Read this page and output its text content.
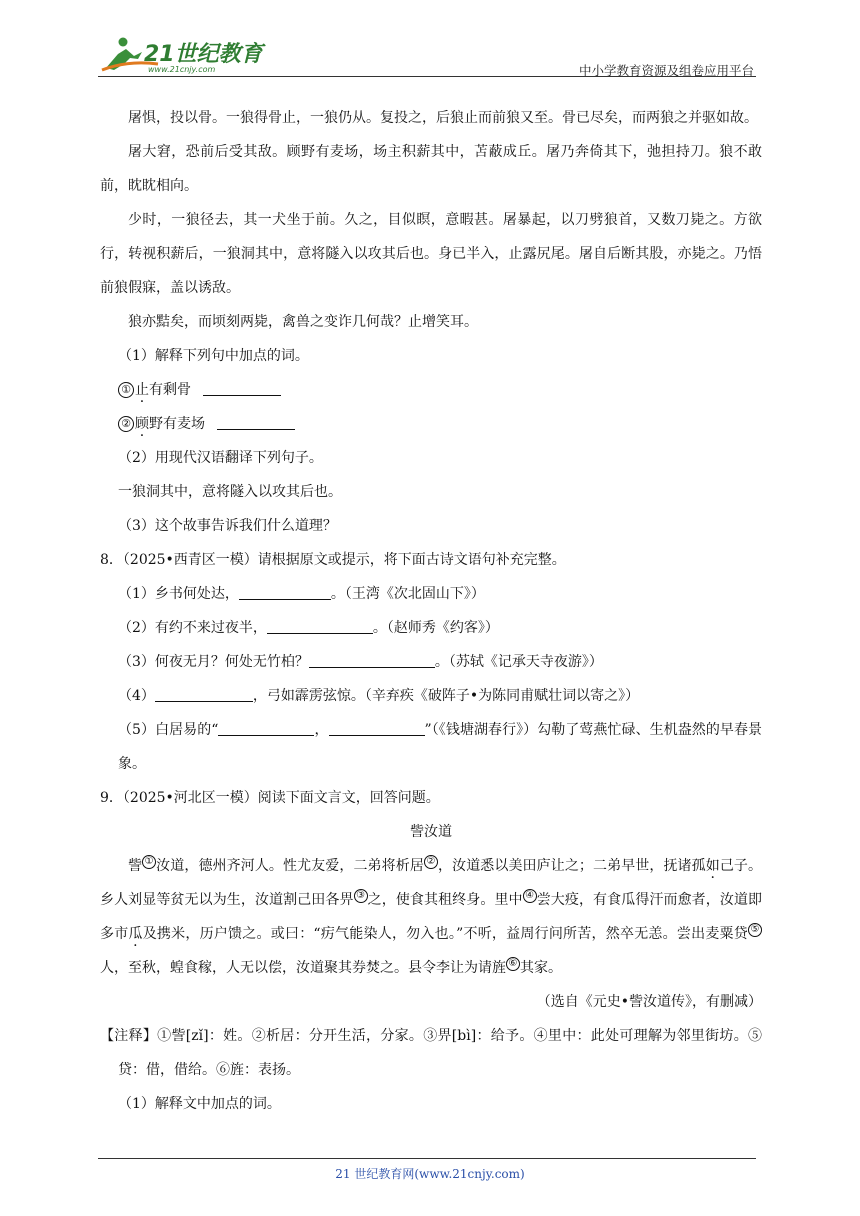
21世纪教育
www.21cnjy.com	中小学教育资源及组卷应用平台

屠惧，投以骨。一狼得骨止，一狼仍从。复投之，后狼止而前狼又至。骨已尽矣，而两狼之并驱如故。

屠大窘，恐前后受其敌。顾野有麦场，场主积薪其中，苫蔽成丘。屠乃奔倚其下，弛担持刀。狼不敢前，眈眈相向。

少时，一狼径去，其一犬坐于前。久之，目似瞑，意暇甚。屠暴起，以刀劈狼首，又数刀毙之。方欲行，转视积薪后，一狼洞其中，意将隧入以攻其后也。身已半入，止露尻尾。屠自后断其股，亦毙之。乃悟前狼假寐，盖以诱敌。

狼亦黠矣，而顷刻两毙，禽兽之变诈几何哉？止增笑耳。

（1）解释下列句中加点的词。

① 止有剩骨

② 顾野有麦场

（2）用现代汉语翻译下列句子。

一狼洞其中，意将隧入以攻其后也。

（3）这个故事告诉我们什么道理？

8．（2025•西青区一模）请根据原文或提示，将下面古诗文语句补充完整。

（1）乡书何处达，	。（王湾《次北固山下》）

（2）有约不来过夜半，	。（赵师秀《约客》）

（3）何夜无月？何处无竹柏？	。（苏轼《记承天寺夜游》）

（4）	，弓如霹雳弦惊。（辛弃疾《破阵子•为陈同甫赋壮词以寄之》）

（5）白居易的“	，	”（《钱塘湖春行》）勾勒了莺燕忙碌、生机盎然的早春景象。

9．（2025•河北区一模）阅读下面文言文，回答问题。

訾汝道

訾 ① 汝道，德州齐河人。性尤友爱，二弟将析居 ② ，汝道悉以美田庐让之；二弟早世，抚诸孤如己子。乡人刘显等贫无以为生，汝道割己田各畀 ③ 之，使食其租终身。里中 ④ 尝大疫，有食瓜得汗而愈者，汝道即多市瓜及携米，历户馈之。或曰：“疠气能染人，勿入也。”不听，益周行问所苦，然卒无恙。尝出麦粟贷 ⑤人，至秋，蝗食稼，人无以偿，汝道聚其券焚之。县令李让为请旌 ⑥ 其家。

（选自《元史•訾汝道传》，有删减）

【注释】①訾[zǐ]：姓。②析居：分开生活，分家。③畀[bì]：给予。④里中：此处可理解为邻里街坊。⑤贷：借，借给。⑥旌：表扬。

（1）解释文中加点的词。

21 世纪教育网(www.21cnjy.com)
